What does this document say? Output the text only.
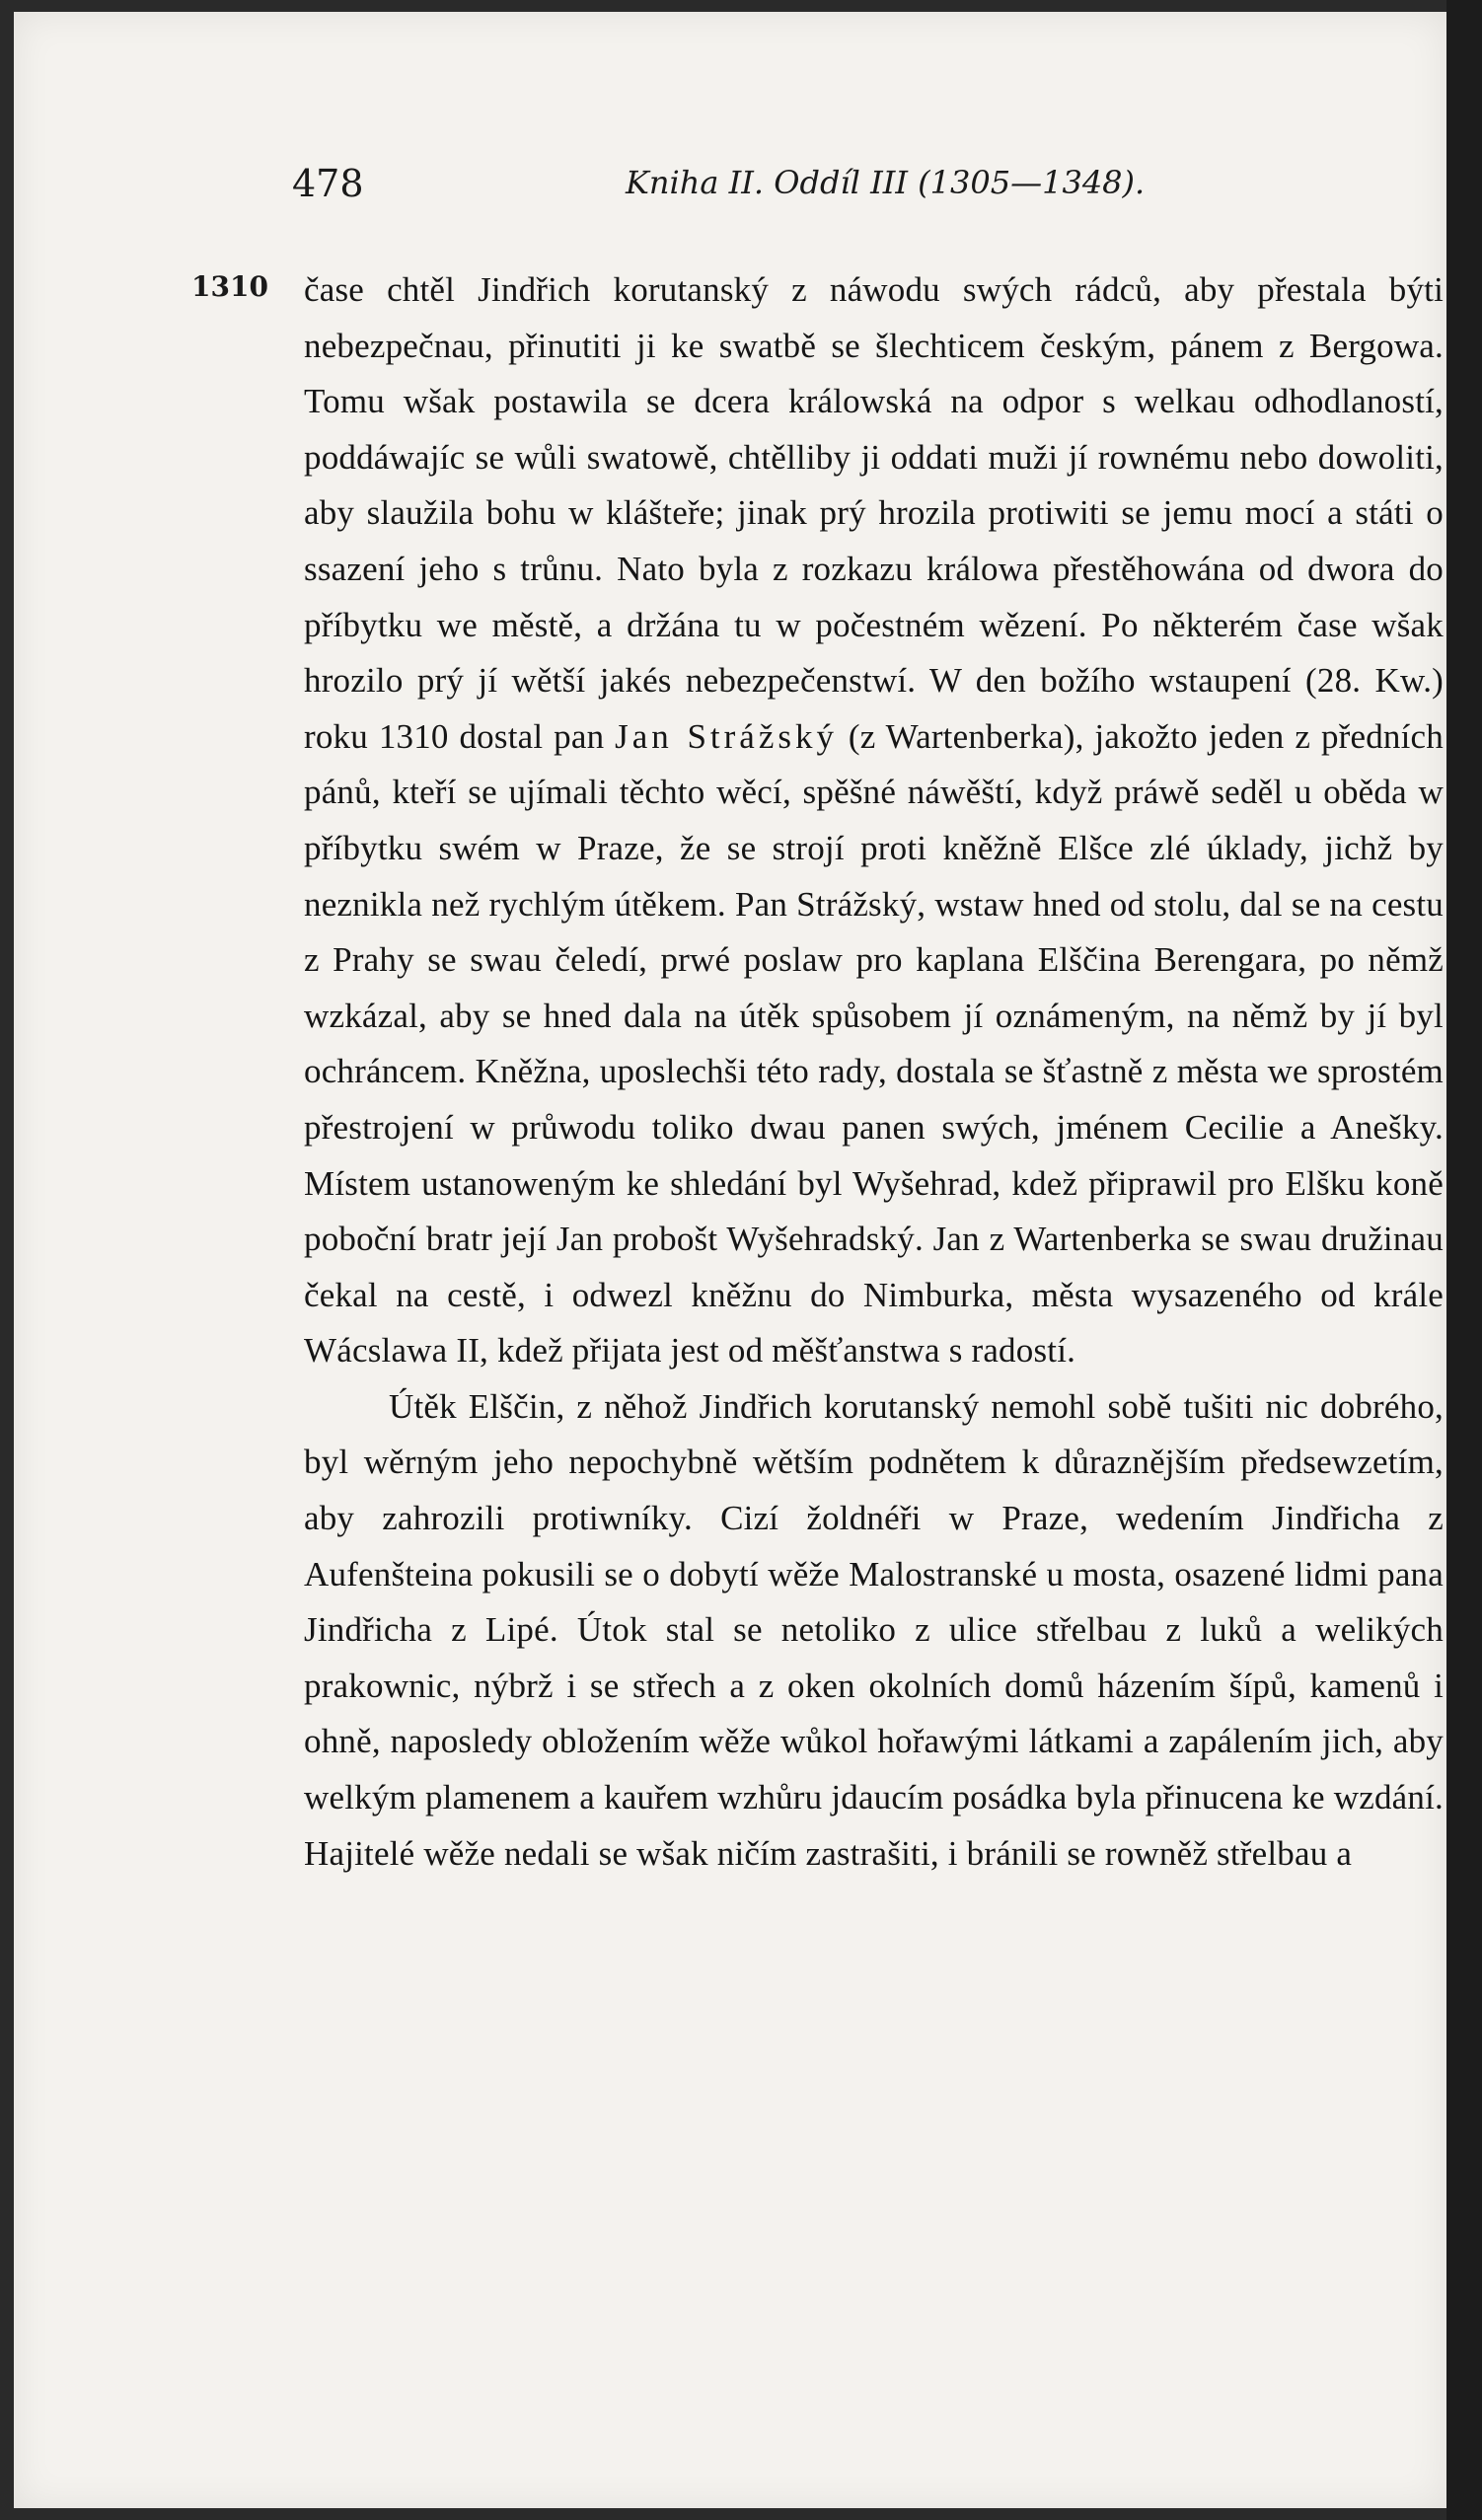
478	Kniha II. Oddíl III (1305—1348).
1310 čase chtěl Jindřich korutanský z náwodu swých rádců, aby přestala býti nebezpečnau, přinutiti ji ke swatbě se šlechticem českým, pánem z Bergowa. Tomu wšak postawila se dcera králowská na odpor s welkau odhodlaností, poddáwajíc se wůli swatowě, chtělliby ji oddati muži jí rownému nebo dowoliti, aby slaužila bohu w klášteře; jinak prý hrozila protiwiti se jemu mocí a státi o ssazení jeho s trůnu. Nato byla z rozkazu králowa přestěhowána od dwora do příbytku we městě, a držána tu w počestném wězení. Po některém čase wšak hrozilo prý jí wětší jakés nebezpečenstwí. W den božího wstaupení (28. Kw.) roku 1310 dostal pan Jan Strážský (z Wartenberka), jakožto jeden z předních pánů, kteří se ujímali těchto wěcí, spěšné náwěští, když práwě seděl u oběda w příbytku swém w Praze, že se strojí proti kněžně Elšce zlé úklady, jichž by neznikla než rychlým útěkem. Pan Strážský, wstaw hned od stolu, dal se na cestu z Prahy se swau čeledí, prwé poslaw pro kaplana Elščina Berengara, po němž wzkázal, aby se hned dala na útěk spůsobem jí oznámeným, na němž by jí byl ochráncem. Kněžna, uposlechši této rady, dostala se šťastně z města we sprostém přestrojení w průwodu toliko dwau panen swých, jménem Cecilie a Anešky. Místem ustanoweným ke shledání byl Wyšehrad, kdež připrawil pro Elšku koně poboční bratr její Jan probošt Wyšehradský. Jan z Wartenberka se swau družinau čekal na cestě, i odwezl kněžnu do Nimburka, města wysazeného od krále Wácslawa II, kdež přijata jest od měšťanstwa s radostí.

Útěk Elščin, z něhož Jindřich korutanský nemohl sobě tušiti nic dobrého, byl wěrným jeho nepochybně wětším podnětem k důraznějším předsewzetím, aby zahrozili protiwníky. Cizí žoldnéři w Praze, wedením Jindřicha z Aufenšteina pokusili se o dobytí wěže Malostranské u mosta, osazené lidmi pana Jindřicha z Lipé. Útok stal se netoliko z ulice střelbau z luků a welikých prakownic, nýbrž i se střech a z oken okolních domů házením šípů, kamenů i ohně, naposledy obložením wěže wůkol hořawými látkami a zapálením jich, aby welkým plamenem a kauřem wzhůru jdaucím posádka byla přinucena ke wzdání. Hajitelé wěže nedali se wšak ničím zastrašiti, i bránili se rowněž střelbau a
